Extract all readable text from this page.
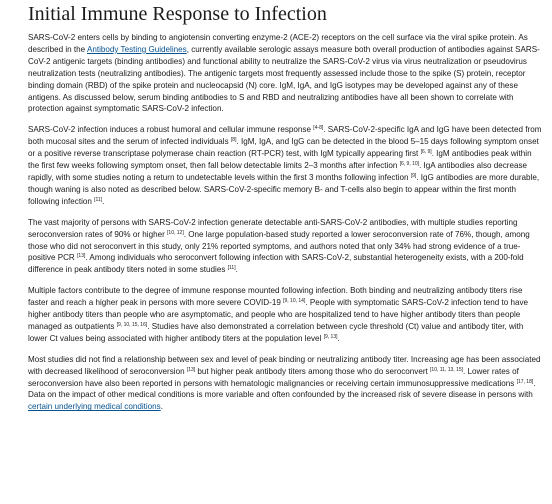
Initial Immune Response to Infection

SARS-CoV-2 enters cells by binding to angiotensin converting enzyme-2 (ACE-2) receptors on the cell surface via the viral spike protein. As described in the Antibody Testing Guidelines, currently available serologic assays measure both overall production of antibodies against SARS-CoV-2 antigenic targets (binding antibodies) and functional ability to neutralize the SARS-CoV-2 virus via virus neutralization or pseudovirus neutralization tests (neutralizing antibodies). The antigenic targets most frequently assessed include those to the spike (S) protein, receptor binding domain (RBD) of the spike protein and nucleocapsid (N) core. IgM, IgA, and IgG isotypes may be developed against any of these antigens. As discussed below, serum binding antibodies to S and RBD and neutralizing antibodies have all been shown to correlate with protection against symptomatic SARS-CoV-2 infection.

SARS-CoV-2 infection induces a robust humoral and cellular immune response [4-8]. SARS-CoV-2-specific IgA and IgG have been detected from both mucosal sites and the serum of infected individuals [8]. IgM, IgA, and IgG can be detected in the blood 5–15 days following symptom onset or a positive reverse transcriptase polymerase chain reaction (RT-PCR) test, with IgM typically appearing first [6, 9]. IgM antibodies peak within the first few weeks following symptom onset, then fall below detectable limits 2–3 months after infection [6, 9, 10]. IgA antibodies also decrease rapidly, with some studies noting a return to undetectable levels within the first 3 months following infection [9]. IgG antibodies are more durable, though waning is also noted as described below. SARS-CoV-2-specific memory B- and T-cells also begin to appear within the first month following infection [11].

The vast majority of persons with SARS-CoV-2 infection generate detectable anti-SARS-CoV-2 antibodies, with multiple studies reporting seroconversion rates of 90% or higher [10, 12]. One large population-based study reported a lower seroconversion rate of 76%, though, among those who did not seroconvert in this study, only 21% reported symptoms, and authors noted that only 34% had strong evidence of a true-positive PCR [13]. Among individuals who seroconvert following infection with SARS-CoV-2, substantial heterogeneity exists, with a 200-fold difference in peak antibody titers noted in some studies [11].

Multiple factors contribute to the degree of immune response mounted following infection. Both binding and neutralizing antibody titers rise faster and reach a higher peak in persons with more severe COVID-19 [9, 10, 14]. People with symptomatic SARS-CoV-2 infection tend to have higher antibody titers than people who are asymptomatic, and people who are hospitalized tend to have higher antibody titers than people managed as outpatients [9, 10, 15, 16]. Studies have also demonstrated a correlation between cycle threshold (Ct) value and antibody titer, with lower Ct values being associated with higher antibody titers at the population level [9, 13].

Most studies did not find a relationship between sex and level of peak binding or neutralizing antibody titer. Increasing age has been associated with decreased likelihood of seroconversion [13] but higher peak antibody titers among those who do seroconvert [10, 11, 13, 15]. Lower rates of seroconversion have also been reported in persons with hematologic malignancies or receiving certain immunosuppressive medications [17, 18]. Data on the impact of other medical conditions is more variable and often confounded by the increased risk of severe disease in persons with certain underlying medical conditions.
